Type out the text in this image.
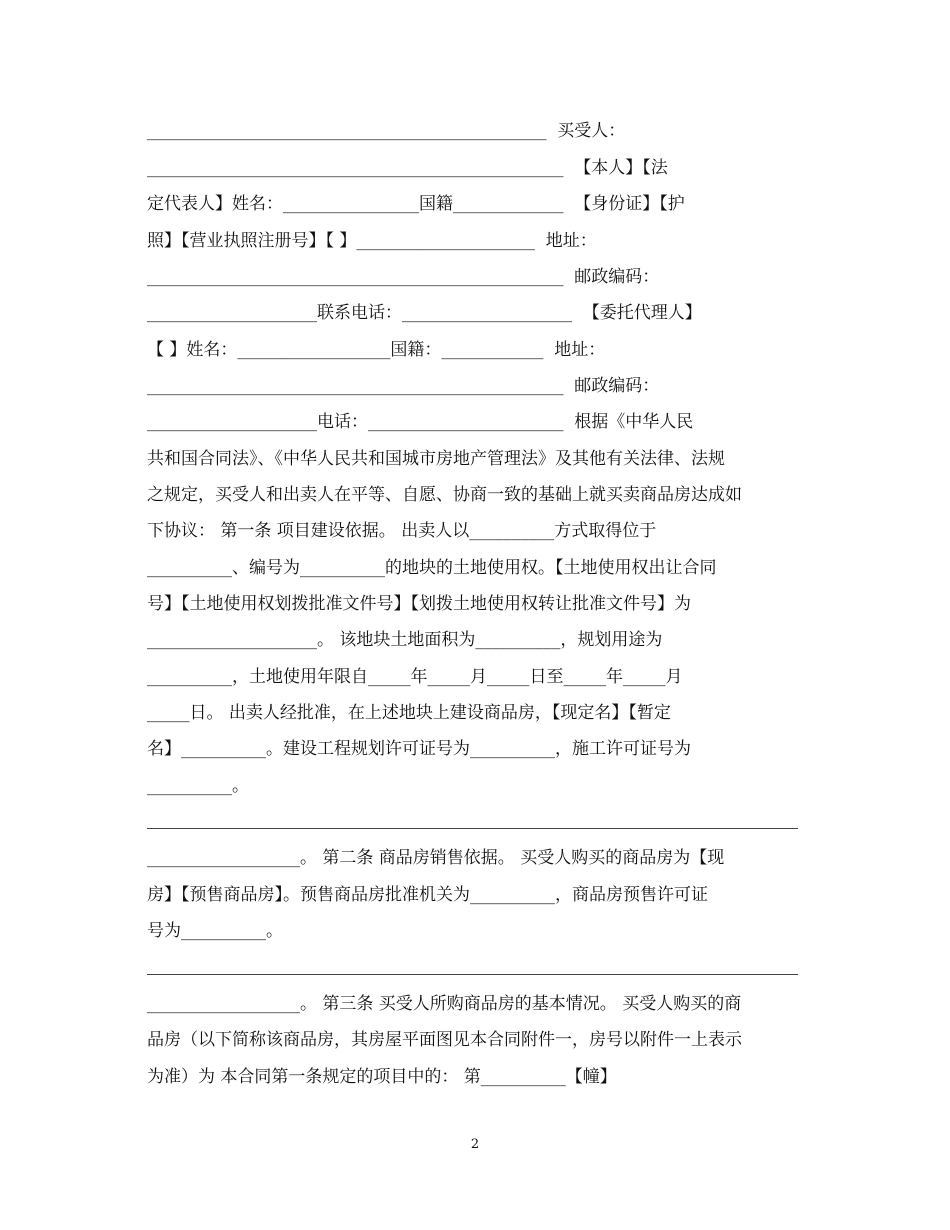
_______________________________________________  买受人：
_________________________________________________  【本人】【法
定代表人】姓名：________________国籍_____________  【身份证】【护
照】【营业执照注册号】【 】_____________________  地址：
_________________________________________________  邮政编码：
____________________联系电话：____________________  【委托代理人】
【 】姓名：__________________国籍：____________  地址：
_________________________________________________  邮政编码：
____________________电话：_______________________  根据《中华人民
共和国合同法》、《中华人民共和国城市房地产管理法》及其他有关法律、法规
之规定，买受人和出卖人在平等、自愿、协商一致的基础上就买卖商品房达成如
下协议： 第一条 项目建设依据。 出卖人以__________方式取得位于
__________、编号为__________的地块的土地使用权。【土地使用权出让合同
号】【土地使用权划拨批准文件号】【划拨土地使用权转让批准文件号】为
____________________。 该地块土地面积为__________，规划用途为
__________，土地使用年限自_____年_____月_____日至_____年_____月
_____日。 出卖人经批准，在上述地块上建设商品房，【现定名】【暂定
名】__________。建设工程规划许可证号为__________，施工许可证号为
__________。
__________________。 第二条 商品房销售依据。 买受人购买的商品房为【现
房】【预售商品房】。预售商品房批准机关为__________，商品房预售许可证
号为__________。
__________________。 第三条 买受人所购商品房的基本情况。 买受人购买的商
品房（以下简称该商品房，其房屋平面图见本合同附件一，房号以附件一上表示
为准）为 本合同第一条规定的项目中的： 第__________【幢】
2
